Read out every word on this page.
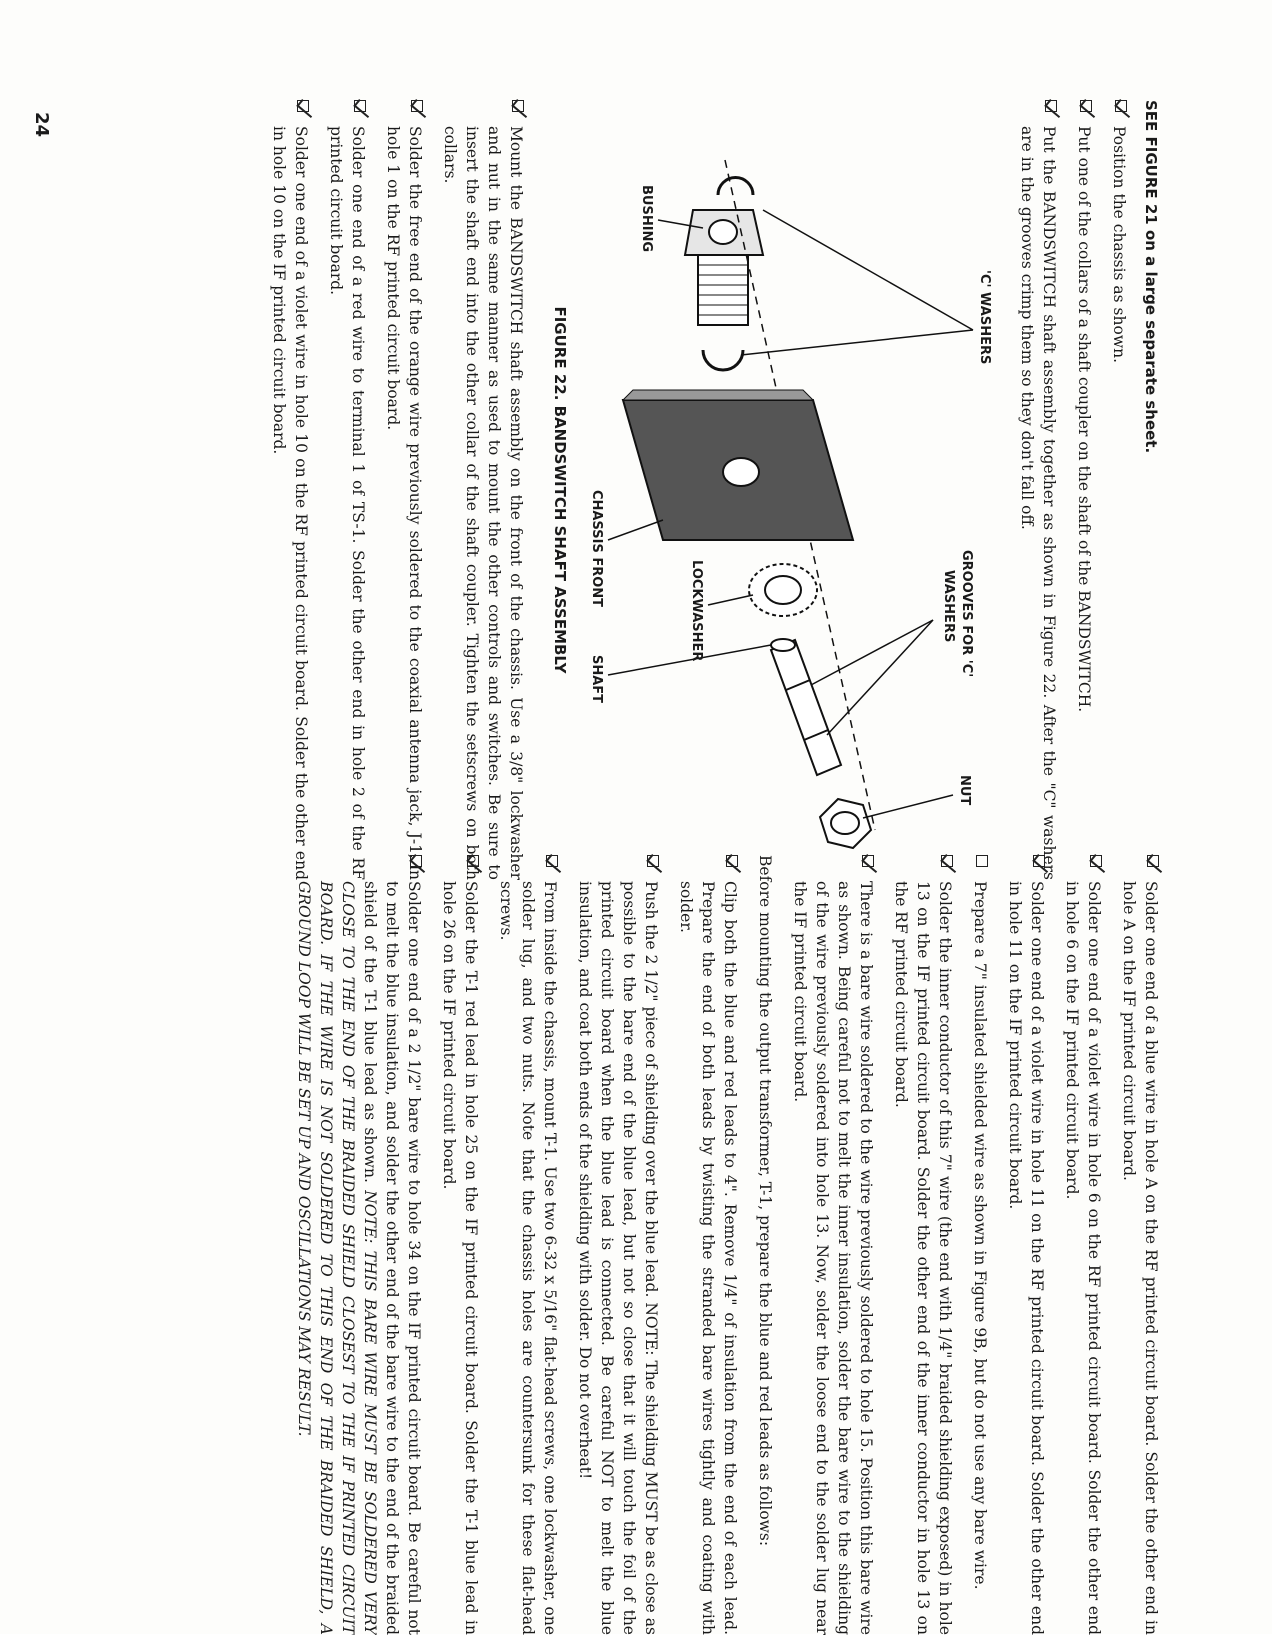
SEE FIGURE 21 on a large separate sheet.
Position the chassis as shown.
Put one of the collars of a shaft coupler on the shaft of the BANDSWITCH.
Put the BANDSWITCH shaft assembly together as shown in Figure 22. After the "C" washers are in the grooves crimp them so they don't fall off.
'C' WASHERS
GROOVES FOR 'C'
WASHERS
NUT
BUSHING
LOCKWASHER
SHAFT
CHASSIS FRONT
FIGURE 22. BANDSWITCH SHAFT ASSEMBLY
Mount the BANDSWITCH shaft assembly on the front of the chassis. Use a 3/8" lockwasher and nut in the same manner as used to mount the other controls and switches. Be sure to insert the shaft end into the other collar of the shaft coupler. Tighten the setscrews on both collars.
Solder the free end of the orange wire previously soldered to the coaxial antenna jack, J-1, in hole 1 on the RF printed circuit board.
Solder one end of a red wire to terminal 1 of TS-1. Solder the other end in hole 2 of the RF printed circuit board.
Solder one end of a violet wire in hole 10 on the RF printed circuit board. Solder the other end in hole 10 on the IF printed circuit board.
24
Solder one end of a blue wire in hole A on the RF printed circuit board. Solder the other end in hole A on the IF printed circuit board.
Solder one end of a violet wire in hole 6 on the RF printed circuit board. Solder the other end in hole 6 on the IF printed circuit board.
Solder one end of a violet wire in hole 11 on the RF printed circuit board. Solder the other end in hole 11 on the IF printed circuit board.
Prepare a 7" insulated shielded wire as shown in Figure 9B, but do not use any bare wire.
Solder the inner conductor of this 7" wire (the end with 1/4" braided shielding exposed) in hole 13 on the IF printed circuit board. Solder the other end of the inner conductor in hole 13 on the RF printed circuit board.
There is a bare wire soldered to the wire previously soldered to hole 15. Position this bare wire as shown. Being careful not to melt the inner insulation, solder the bare wire to the shielding of the wire previously soldered into hole 13. Now, solder the loose end to the solder lug near the IF printed circuit board.
Before mounting the output transformer, T-1, prepare the blue and red leads as follows:
Clip both the blue and red leads to 4". Remove 1/4" of insulation from the end of each lead. Prepare the end of both leads by twisting the stranded bare wires tightly and coating with solder.
Push the 2 1/2" piece of shielding over the blue lead. NOTE: The shielding MUST be as close as possible to the bare end of the blue lead, but not so close that it will touch the foil of the printed circuit board when the blue lead is connected. Be careful NOT to melt the blue insulation, and coat both ends of the shielding with solder. Do not overheat!
From inside the chassis, mount T-1. Use two 6-32 x 5/16" flat-head screws, one lockwasher, one solder lug, and two nuts. Note that the chassis holes are countersunk for these flat-head screws.
Solder the T-1 red lead in hole 25 on the IF printed circuit board. Solder the T-1 blue lead in hole 26 on the IF printed circuit board.
Solder one end of a 2 1/2" bare wire to hole 34 on the IF printed circuit board. Be careful not to melt the blue insulation, and solder the other end of the bare wire to the end of the braided shield of the T-1 blue lead as shown. NOTE: THIS BARE WIRE MUST BE SOLDERED VERY CLOSE TO THE END OF THE BRAIDED SHIELD CLOSEST TO THE IF PRINTED CIRCUIT BOARD. IF THE WIRE IS NOT SOLDERED TO THIS END OF THE BRAIDED SHIELD, A GROUND LOOP WILL BE SET UP AND OSCILLATIONS MAY RESULT.
